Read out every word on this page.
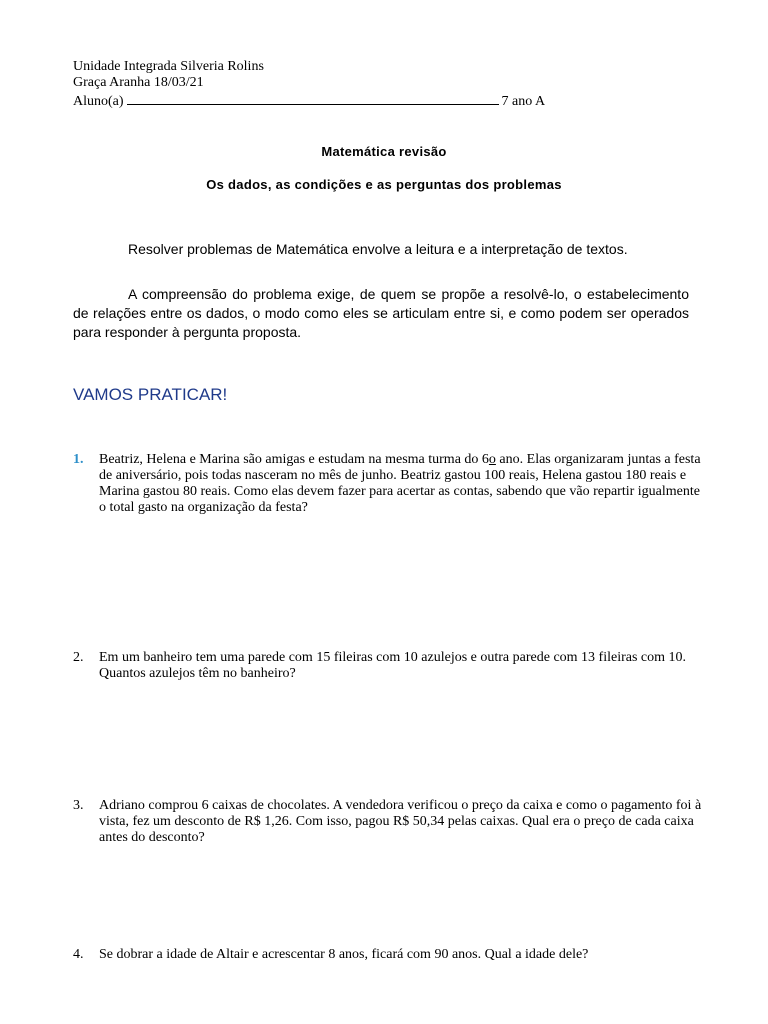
Unidade Integrada Silveria Rolins
Graça Aranha 18/03/21
Aluno(a)	7 ano A
Matemática revisão
Os dados, as condições e as perguntas dos problemas
Resolver problemas de Matemática envolve a leitura e a interpretação de textos.
A compreensão do problema exige, de quem se propõe a resolvê-lo, o estabelecimento de relações entre os dados, o modo como eles se articulam entre si, e como podem ser operados para responder à pergunta proposta.
VAMOS PRATICAR!
1. Beatriz, Helena e Marina são amigas e estudam na mesma turma do 6o ano. Elas organizaram juntas a festa de aniversário, pois todas nasceram no mês de junho. Beatriz gastou 100 reais, Helena gastou 180 reais e Marina gastou 80 reais. Como elas devem fazer para acertar as contas, sabendo que vão repartir igualmente o total gasto na organização da festa?
2. Em um banheiro tem uma parede com 15 fileiras com 10 azulejos e outra parede com 13 fileiras com 10. Quantos azulejos têm no banheiro?
3. Adriano comprou 6 caixas de chocolates. A vendedora verificou o preço da caixa e como o pagamento foi à vista, fez um desconto de R$ 1,26. Com isso, pagou R$ 50,34 pelas caixas. Qual era o preço de cada caixa antes do desconto?
4. Se dobrar a idade de Altair e acrescentar 8 anos, ficará com 90 anos. Qual a idade dele?
